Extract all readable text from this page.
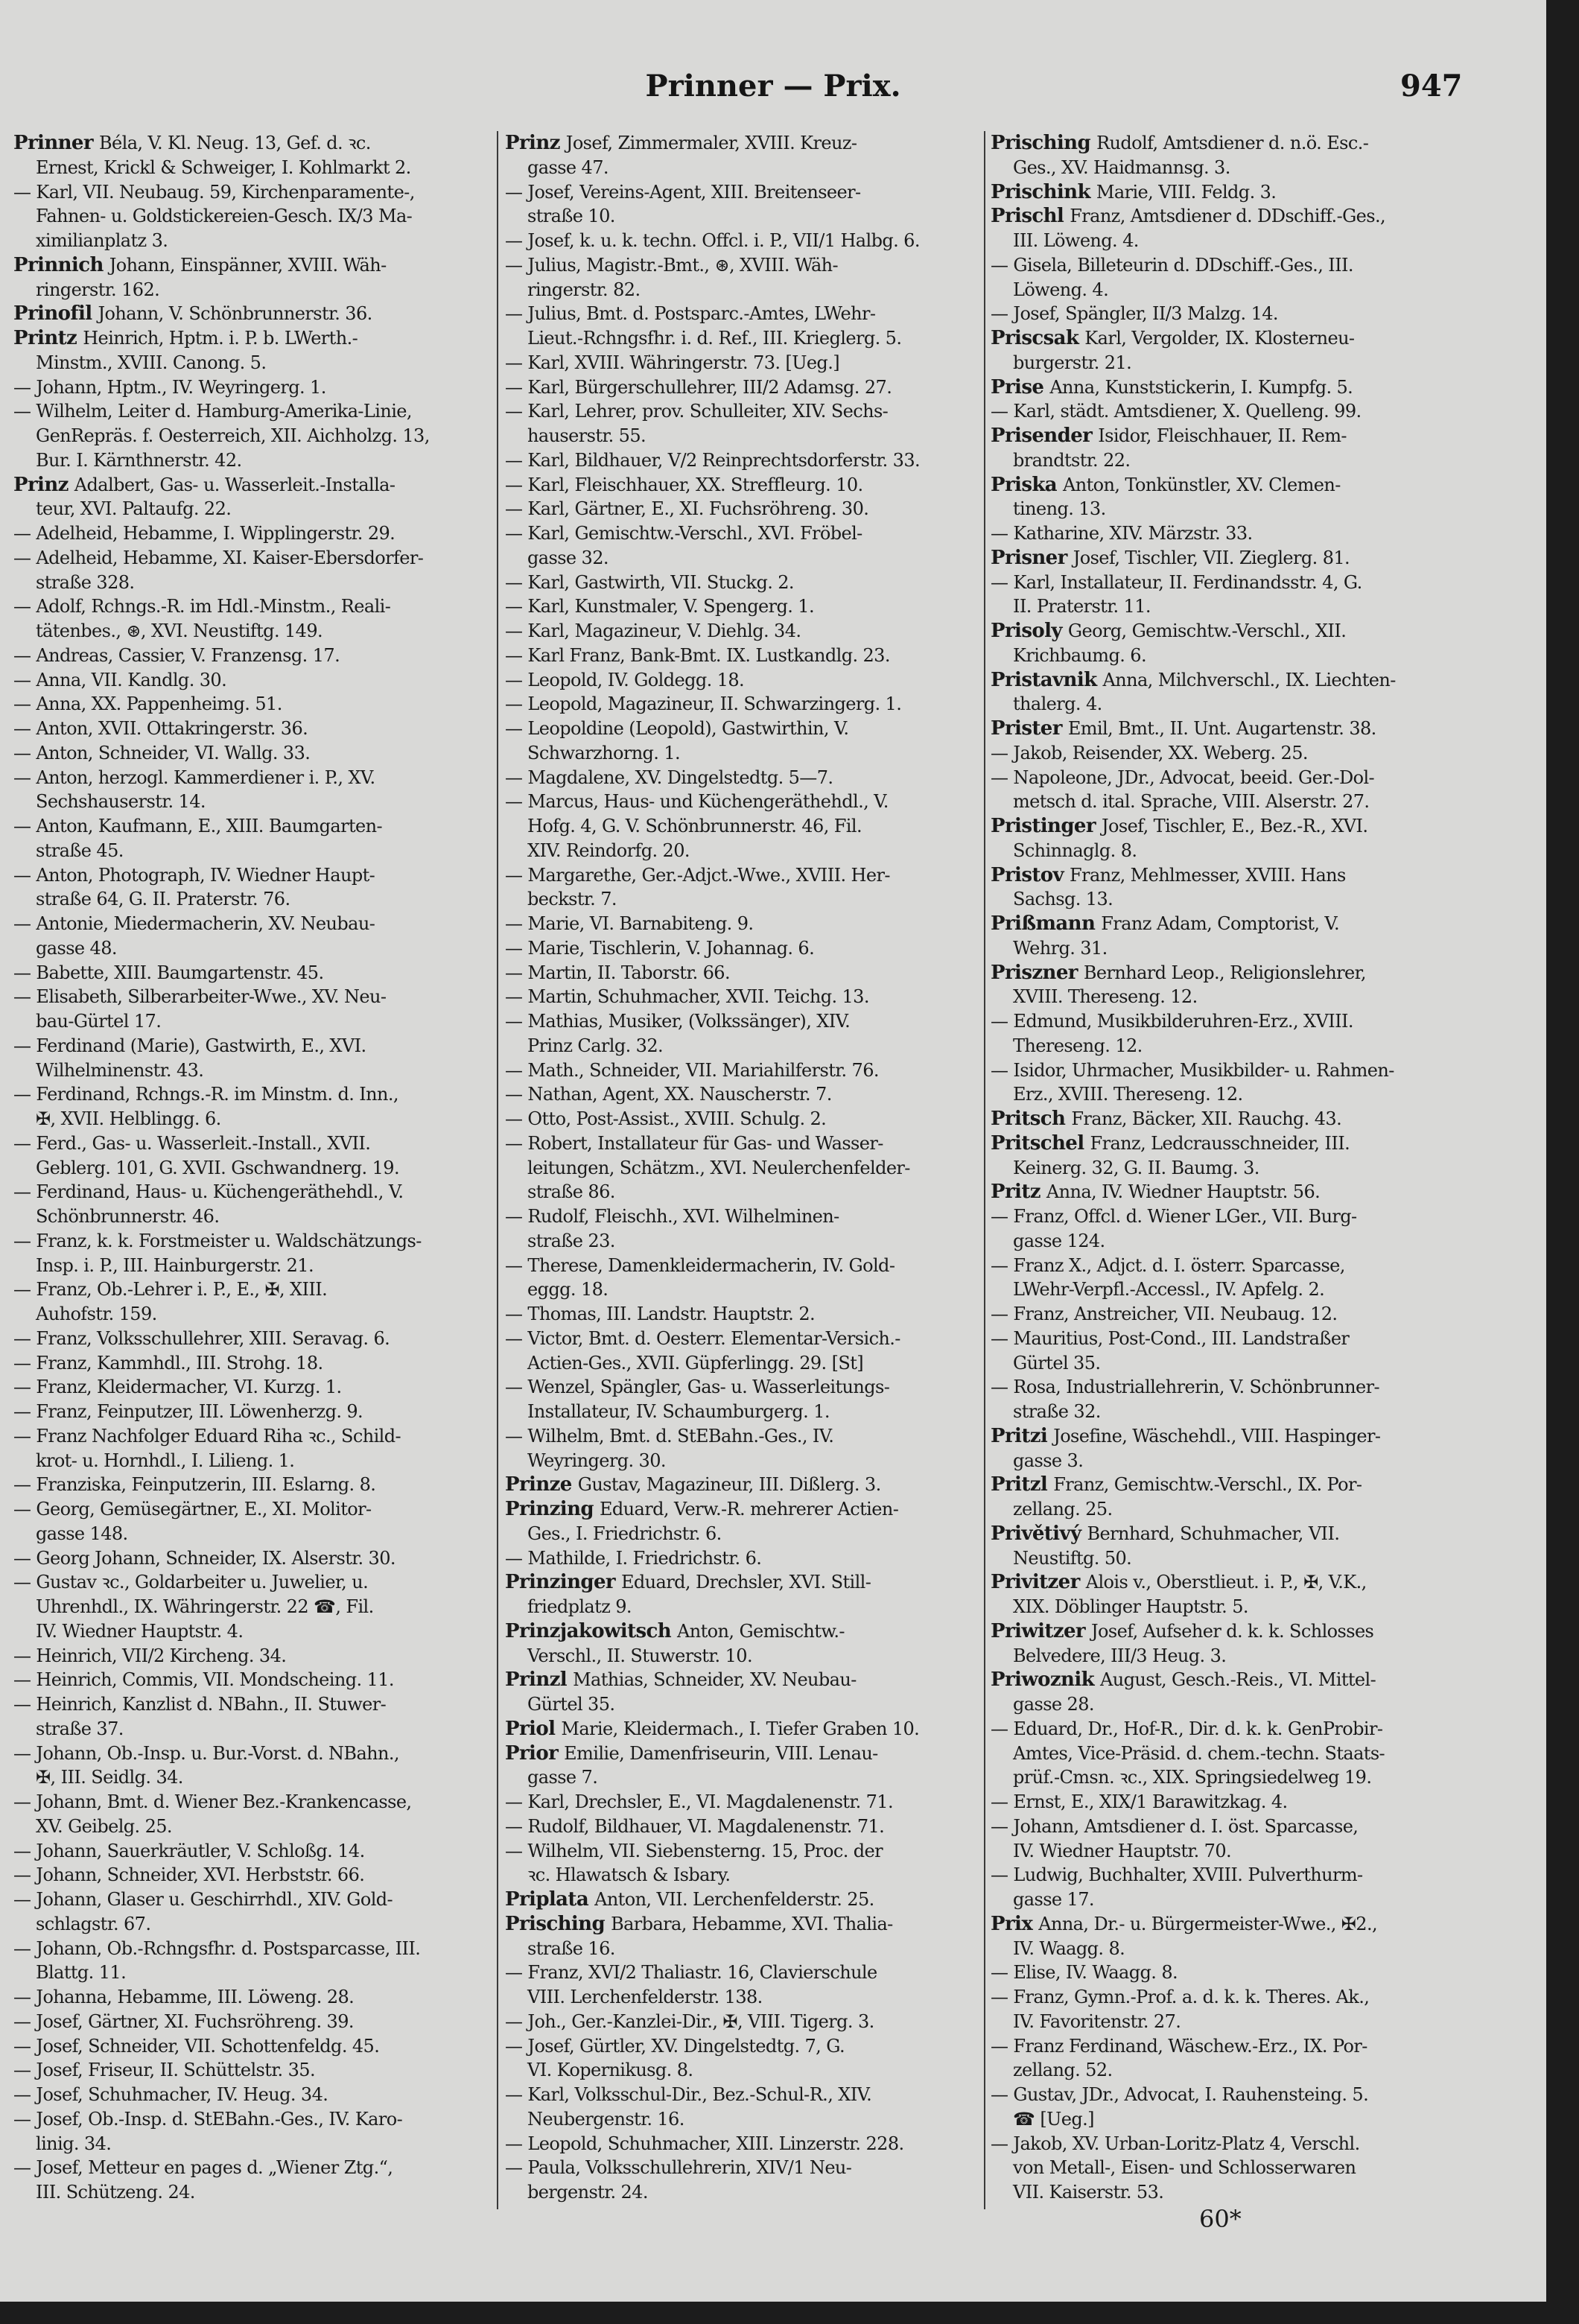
Prinner — Prix.	947
Prinner Béla, V. Kl. Neug. 13, Gef. d. ꝛc.
Ernest, Krickl & Schweiger, I. Kohlmarkt 2.
— Karl, VII. Neubaug. 59, Kirchenparamente-,
Fahnen- u. Goldstickereien-Gesch. IX/3 Ma-
ximilianplatz 3.
Prinnich Johann, Einspänner, XVIII. Wäh-
ringerstr. 162.
Prinofil Johann, V. Schönbrunnerstr. 36.
Printz Heinrich, Hptm. i. P. b. LWerth.-
Minstm., XVIII. Canong. 5.
— Johann, Hptm., IV. Weyringerg. 1.
— Wilhelm, Leiter d. Hamburg-Amerika-Linie,
GenRepräs. f. Oesterreich, XII. Aichholzg. 13,
Bur. I. Kärnthnerstr. 42.
Prinz Adalbert, Gas- u. Wasserleit.-Installa-
teur, XVI. Paltaufg. 22.
— Adelheid, Hebamme, I. Wipplingerstr. 29.
— Adelheid, Hebamme, XI. Kaiser-Ebersdorfer-
straße 328.
— Adolf, Rchngs.-R. im Hdl.-Minstm., Reali-
tätenbes., ⊛, XVI. Neustiftg. 149.
— Andreas, Cassier, V. Franzensg. 17.
— Anna, VII. Kandlg. 30.
— Anna, XX. Pappenheimg. 51.
— Anton, XVII. Ottakringerstr. 36.
— Anton, Schneider, VI. Wallg. 33.
— Anton, herzogl. Kammerdiener i. P., XV.
Sechshauserstr. 14.
— Anton, Kaufmann, E., XIII. Baumgarten-
straße 45.
— Anton, Photograph, IV. Wiedner Haupt-
straße 64, G. II. Praterstr. 76.
— Antonie, Miedermacherin, XV. Neubau-
gasse 48.
— Babette, XIII. Baumgartenstr. 45.
— Elisabeth, Silberarbeiter-Wwe., XV. Neu-
bau-Gürtel 17.
— Ferdinand (Marie), Gastwirth, E., XVI.
Wilhelminenstr. 43.
— Ferdinand, Rchngs.-R. im Minstm. d. Inn.,
✠, XVII. Helblingg. 6.
— Ferd., Gas- u. Wasserleit.-Install., XVII.
Geblerg. 101, G. XVII. Gschwandnerg. 19.
— Ferdinand, Haus- u. Küchengeräthehdl., V.
Schönbrunnerstr. 46.
— Franz, k. k. Forstmeister u. Waldschätzungs-
Insp. i. P., III. Hainburgerstr. 21.
— Franz, Ob.-Lehrer i. P., E., ✠, XIII.
Auhofstr. 159.
— Franz, Volksschullehrer, XIII. Seravag. 6.
— Franz, Kammhdl., III. Strohg. 18.
— Franz, Kleidermacher, VI. Kurzg. 1.
— Franz, Feinputzer, III. Löwenherzg. 9.
— Franz Nachfolger Eduard Riha ꝛc., Schild-
krot- u. Hornhdl., I. Lilieng. 1.
— Franziska, Feinputzerin, III. Eslarng. 8.
— Georg, Gemüsegärtner, E., XI. Molitor-
gasse 148.
— Georg Johann, Schneider, IX. Alserstr. 30.
— Gustav ꝛc., Goldarbeiter u. Juwelier, u.
Uhrenhdl., IX. Währingerstr. 22 ☎, Fil.
IV. Wiedner Hauptstr. 4.
— Heinrich, VII/2 Kircheng. 34.
— Heinrich, Commis, VII. Mondscheing. 11.
— Heinrich, Kanzlist d. NBahn., II. Stuwer-
straße 37.
— Johann, Ob.-Insp. u. Bur.-Vorst. d. NBahn.,
✠, III. Seidlg. 34.
— Johann, Bmt. d. Wiener Bez.-Krankencasse,
XV. Geibelg. 25.
— Johann, Sauerkräutler, V. Schloßg. 14.
— Johann, Schneider, XVI. Herbststr. 66.
— Johann, Glaser u. Geschirrhdl., XIV. Gold-
schlagstr. 67.
— Johann, Ob.-Rchngsfhr. d. Postsparcasse, III.
Blattg. 11.
— Johanna, Hebamme, III. Löweng. 28.
— Josef, Gärtner, XI. Fuchsröhreng. 39.
— Josef, Schneider, VII. Schottenfeldg. 45.
— Josef, Friseur, II. Schüttelstr. 35.
— Josef, Schuhmacher, IV. Heug. 34.
— Josef, Ob.-Insp. d. StEBahn.-Ges., IV. Karo-
linig. 34.
— Josef, Metteur en pages d. „Wiener Ztg.“,
III. Schützeng. 24.
Prinz Josef, Zimmermaler, XVIII. Kreuz-
gasse 47.
— Josef, Vereins-Agent, XIII. Breitenseer-
straße 10.
— Josef, k. u. k. techn. Offcl. i. P., VII/1 Halbg. 6.
— Julius, Magistr.-Bmt., ⊛, XVIII. Wäh-
ringerstr. 82.
— Julius, Bmt. d. Postsparc.-Amtes, LWehr-
Lieut.-Rchngsfhr. i. d. Ref., III. Krieglerg. 5.
— Karl, XVIII. Währingerstr. 73. [Ueg.]
— Karl, Bürgerschullehrer, III/2 Adamsg. 27.
— Karl, Lehrer, prov. Schulleiter, XIV. Sechs-
hauserstr. 55.
— Karl, Bildhauer, V/2 Reinprechtsdorferstr. 33.
— Karl, Fleischhauer, XX. Streffleurg. 10.
— Karl, Gärtner, E., XI. Fuchsröhreng. 30.
— Karl, Gemischtw.-Verschl., XVI. Fröbel-
gasse 32.
— Karl, Gastwirth, VII. Stuckg. 2.
— Karl, Kunstmaler, V. Spengerg. 1.
— Karl, Magazineur, V. Diehlg. 34.
— Karl Franz, Bank-Bmt. IX. Lustkandlg. 23.
— Leopold, IV. Goldegg. 18.
— Leopold, Magazineur, II. Schwarzingerg. 1.
— Leopoldine (Leopold), Gastwirthin, V.
Schwarzhorng. 1.
— Magdalene, XV. Dingelstedtg. 5—7.
— Marcus, Haus- und Küchengeräthehdl., V.
Hofg. 4, G. V. Schönbrunnerstr. 46, Fil.
XIV. Reindorfg. 20.
— Margarethe, Ger.-Adjct.-Wwe., XVIII. Her-
beckstr. 7.
— Marie, VI. Barnabiteng. 9.
— Marie, Tischlerin, V. Johannag. 6.
— Martin, II. Taborstr. 66.
— Martin, Schuhmacher, XVII. Teichg. 13.
— Mathias, Musiker, (Volkssänger), XIV.
Prinz Carlg. 32.
— Math., Schneider, VII. Mariahilferstr. 76.
— Nathan, Agent, XX. Nauscherstr. 7.
— Otto, Post-Assist., XVIII. Schulg. 2.
— Robert, Installateur für Gas- und Wasser-
leitungen, Schätzm., XVI. Neulerchenfelder-
straße 86.
— Rudolf, Fleischh., XVI. Wilhelminen-
straße 23.
— Therese, Damenkleidermacherin, IV. Gold-
eggg. 18.
— Thomas, III. Landstr. Hauptstr. 2.
— Victor, Bmt. d. Oesterr. Elementar-Versich.-
Actien-Ges., XVII. Güpferlingg. 29. [St]
— Wenzel, Spängler, Gas- u. Wasserleitungs-
Installateur, IV. Schaumburgerg. 1.
— Wilhelm, Bmt. d. StEBahn.-Ges., IV.
Weyringerg. 30.
Prinze Gustav, Magazineur, III. Dißlerg. 3.
Prinzing Eduard, Verw.-R. mehrerer Actien-
Ges., I. Friedrichstr. 6.
— Mathilde, I. Friedrichstr. 6.
Prinzinger Eduard, Drechsler, XVI. Still-
friedplatz 9.
Prinzjakowitsch Anton, Gemischtw.-
Verschl., II. Stuwerstr. 10.
Prinzl Mathias, Schneider, XV. Neubau-
Gürtel 35.
Priol Marie, Kleidermach., I. Tiefer Graben 10.
Prior Emilie, Damenfriseurin, VIII. Lenau-
gasse 7.
— Karl, Drechsler, E., VI. Magdalenenstr. 71.
— Rudolf, Bildhauer, VI. Magdalenenstr. 71.
— Wilhelm, VII. Siebensterng. 15, Proc. der
ꝛc. Hlawatsch & Isbary.
Priplata Anton, VII. Lerchenfelderstr. 25.
Prisching Barbara, Hebamme, XVI. Thalia-
straße 16.
— Franz, XVI/2 Thaliastr. 16, Clavierschule
VIII. Lerchenfelderstr. 138.
— Joh., Ger.-Kanzlei-Dir., ✠, VIII. Tigerg. 3.
— Josef, Gürtler, XV. Dingelstedtg. 7, G.
VI. Kopernikusg. 8.
— Karl, Volksschul-Dir., Bez.-Schul-R., XIV.
Neubergenstr. 16.
— Leopold, Schuhmacher, XIII. Linzerstr. 228.
— Paula, Volksschullehrerin, XIV/1 Neu-
bergenstr. 24.
Prisching Rudolf, Amtsdiener d. n.ö. Esc.-
Ges., XV. Haidmannsg. 3.
Prischink Marie, VIII. Feldg. 3.
Prischl Franz, Amtsdiener d. DDschiff.-Ges.,
III. Löweng. 4.
— Gisela, Billeteurin d. DDschiff.-Ges., III.
Löweng. 4.
— Josef, Spängler, II/3 Malzg. 14.
Priscsak Karl, Vergolder, IX. Klosterneu-
burgerstr. 21.
Prise Anna, Kunststickerin, I. Kumpfg. 5.
— Karl, städt. Amtsdiener, X. Quelleng. 99.
Prisender Isidor, Fleischhauer, II. Rem-
brandtstr. 22.
Priska Anton, Tonkünstler, XV. Clemen-
tineng. 13.
— Katharine, XIV. Märzstr. 33.
Prisner Josef, Tischler, VII. Zieglerg. 81.
— Karl, Installateur, II. Ferdinandsstr. 4, G.
II. Praterstr. 11.
Prisoly Georg, Gemischtw.-Verschl., XII.
Krichbaumg. 6.
Pristavnik Anna, Milchverschl., IX. Liechten-
thalerg. 4.
Prister Emil, Bmt., II. Unt. Augartenstr. 38.
— Jakob, Reisender, XX. Weberg. 25.
— Napoleone, JDr., Advocat, beeid. Ger.-Dol-
metsch d. ital. Sprache, VIII. Alserstr. 27.
Pristinger Josef, Tischler, E., Bez.-R., XVI.
Schinnaglg. 8.
Pristov Franz, Mehlmesser, XVIII. Hans
Sachsg. 13.
Prißmann Franz Adam, Comptorist, V.
Wehrg. 31.
Priszner Bernhard Leop., Religionslehrer,
XVIII. Thereseng. 12.
— Edmund, Musikbilderuhren-Erz., XVIII.
Thereseng. 12.
— Isidor, Uhrmacher, Musikbilder- u. Rahmen-
Erz., XVIII. Thereseng. 12.
Pritsch Franz, Bäcker, XII. Rauchg. 43.
Pritschel Franz, Ledcrausschneider, III.
Keinerg. 32, G. II. Baumg. 3.
Pritz Anna, IV. Wiedner Hauptstr. 56.
— Franz, Offcl. d. Wiener LGer., VII. Burg-
gasse 124.
— Franz X., Adjct. d. I. österr. Sparcasse,
LWehr-Verpfl.-Accessl., IV. Apfelg. 2.
— Franz, Anstreicher, VII. Neubaug. 12.
— Mauritius, Post-Cond., III. Landstraßer
Gürtel 35.
— Rosa, Industriallehrerin, V. Schönbrunner-
straße 32.
Pritzi Josefine, Wäschehdl., VIII. Haspinger-
gasse 3.
Pritzl Franz, Gemischtw.-Verschl., IX. Por-
zellang. 25.
Privětivý Bernhard, Schuhmacher, VII.
Neustiftg. 50.
Privitzer Alois v., Oberstlieut. i. P., ✠, V.K.,
XIX. Döblinger Hauptstr. 5.
Priwitzer Josef, Aufseher d. k. k. Schlosses
Belvedere, III/3 Heug. 3.
Priwoznik August, Gesch.-Reis., VI. Mittel-
gasse 28.
— Eduard, Dr., Hof-R., Dir. d. k. k. GenProbir-
Amtes, Vice-Präsid. d. chem.-techn. Staats-
prüf.-Cmsn. ꝛc., XIX. Springsiedelweg 19.
— Ernst, E., XIX/1 Barawitzkag. 4.
— Johann, Amtsdiener d. I. öst. Sparcasse,
IV. Wiedner Hauptstr. 70.
— Ludwig, Buchhalter, XVIII. Pulverthurm-
gasse 17.
Prix Anna, Dr.- u. Bürgermeister-Wwe., ✠2.,
IV. Waagg. 8.
— Elise, IV. Waagg. 8.
— Franz, Gymn.-Prof. a. d. k. k. Theres. Ak.,
IV. Favoritenstr. 27.
— Franz Ferdinand, Wäschew.-Erz., IX. Por-
zellang. 52.
— Gustav, JDr., Advocat, I. Rauhensteing. 5.
☎ [Ueg.]
— Jakob, XV. Urban-Loritz-Platz 4, Verschl.
von Metall-, Eisen- und Schlosserwaren
VII. Kaiserstr. 53.
60*
